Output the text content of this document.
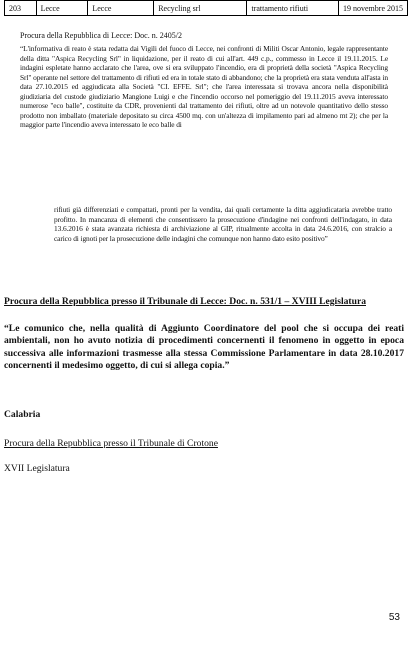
203	Lecce	Lecce	Recycling srl	trattamento rifiuti	19 novembre 2015
Procura della Repubblica di Lecce: Doc. n. 2405/2

“L'informativa di reato è stata redatta dai Vigili del fuoco di Lecce, nei confronti di Militi Oscar Antonio, legale rappresentante della ditta "Aspica Recycling Srl" in liquidazione, per il reato di cui all'art. 449 c.p., commesso in Lecce il 19.11.2015. Le indagini espletate hanno acclarato che l'area, ove si era sviluppato l'incendio, era di proprietà della società "Aspica Recycling Srl" operante nel settore del trattamento di rifiuti ed era in totale stato di abbandono; che la proprietà era stata venduta all'asta in data 27.10.2015 ed aggiudicata alla Società "CI. EFFE. Srl"; che l'area interessata si trovava ancora nella disponibilità giudiziaria del custode giudiziario Mangione Luigi e che l'incendio occorso nel pomeriggio del 19.11.2015 aveva interessato numerose "eco balle", costituite da CDR, provenienti dal trattamento dei rifiuti, oltre ad un notevole quantitativo dello stesso prodotto non imballato (materiale depositato su circa 4500 mq. con un'altezza di impilamento pari ad almeno mt 2); che per la maggior parte l'incendio aveva interessato le eco balle di

rifiuti già differenziati e compattati, pronti per la vendita, dai quali certamente la ditta aggiudicataria avrebbe tratto profitto. In mancanza di elementi che consentissero la prosecuzione d'indagine nei confronti dell'indagato, in data 13.6.2016 è stata avanzata richiesta di archiviazione al GIP, ritualmente accolta in data 24.6.2016, con stralcio a carico di ignoti per la prosecuzione delle indagini che comunque non hanno dato esito positivo”

Procura della Repubblica presso il Tribunale di Lecce: Doc. n. 531/1 – XVIII Legislatura

“Le comunico che, nella qualità di Aggiunto Coordinatore del pool che si occupa dei reati ambientali, non ho avuto notizia di procedimenti concernenti il fenomeno in oggetto in epoca successiva alle informazioni trasmesse alla stessa Commissione Parlamentare in data 28.10.2017 concernenti il medesimo oggetto, di cui si allega copia.”

Calabria

Procura della Repubblica presso il Tribunale di Crotone

XVII Legislatura

53
